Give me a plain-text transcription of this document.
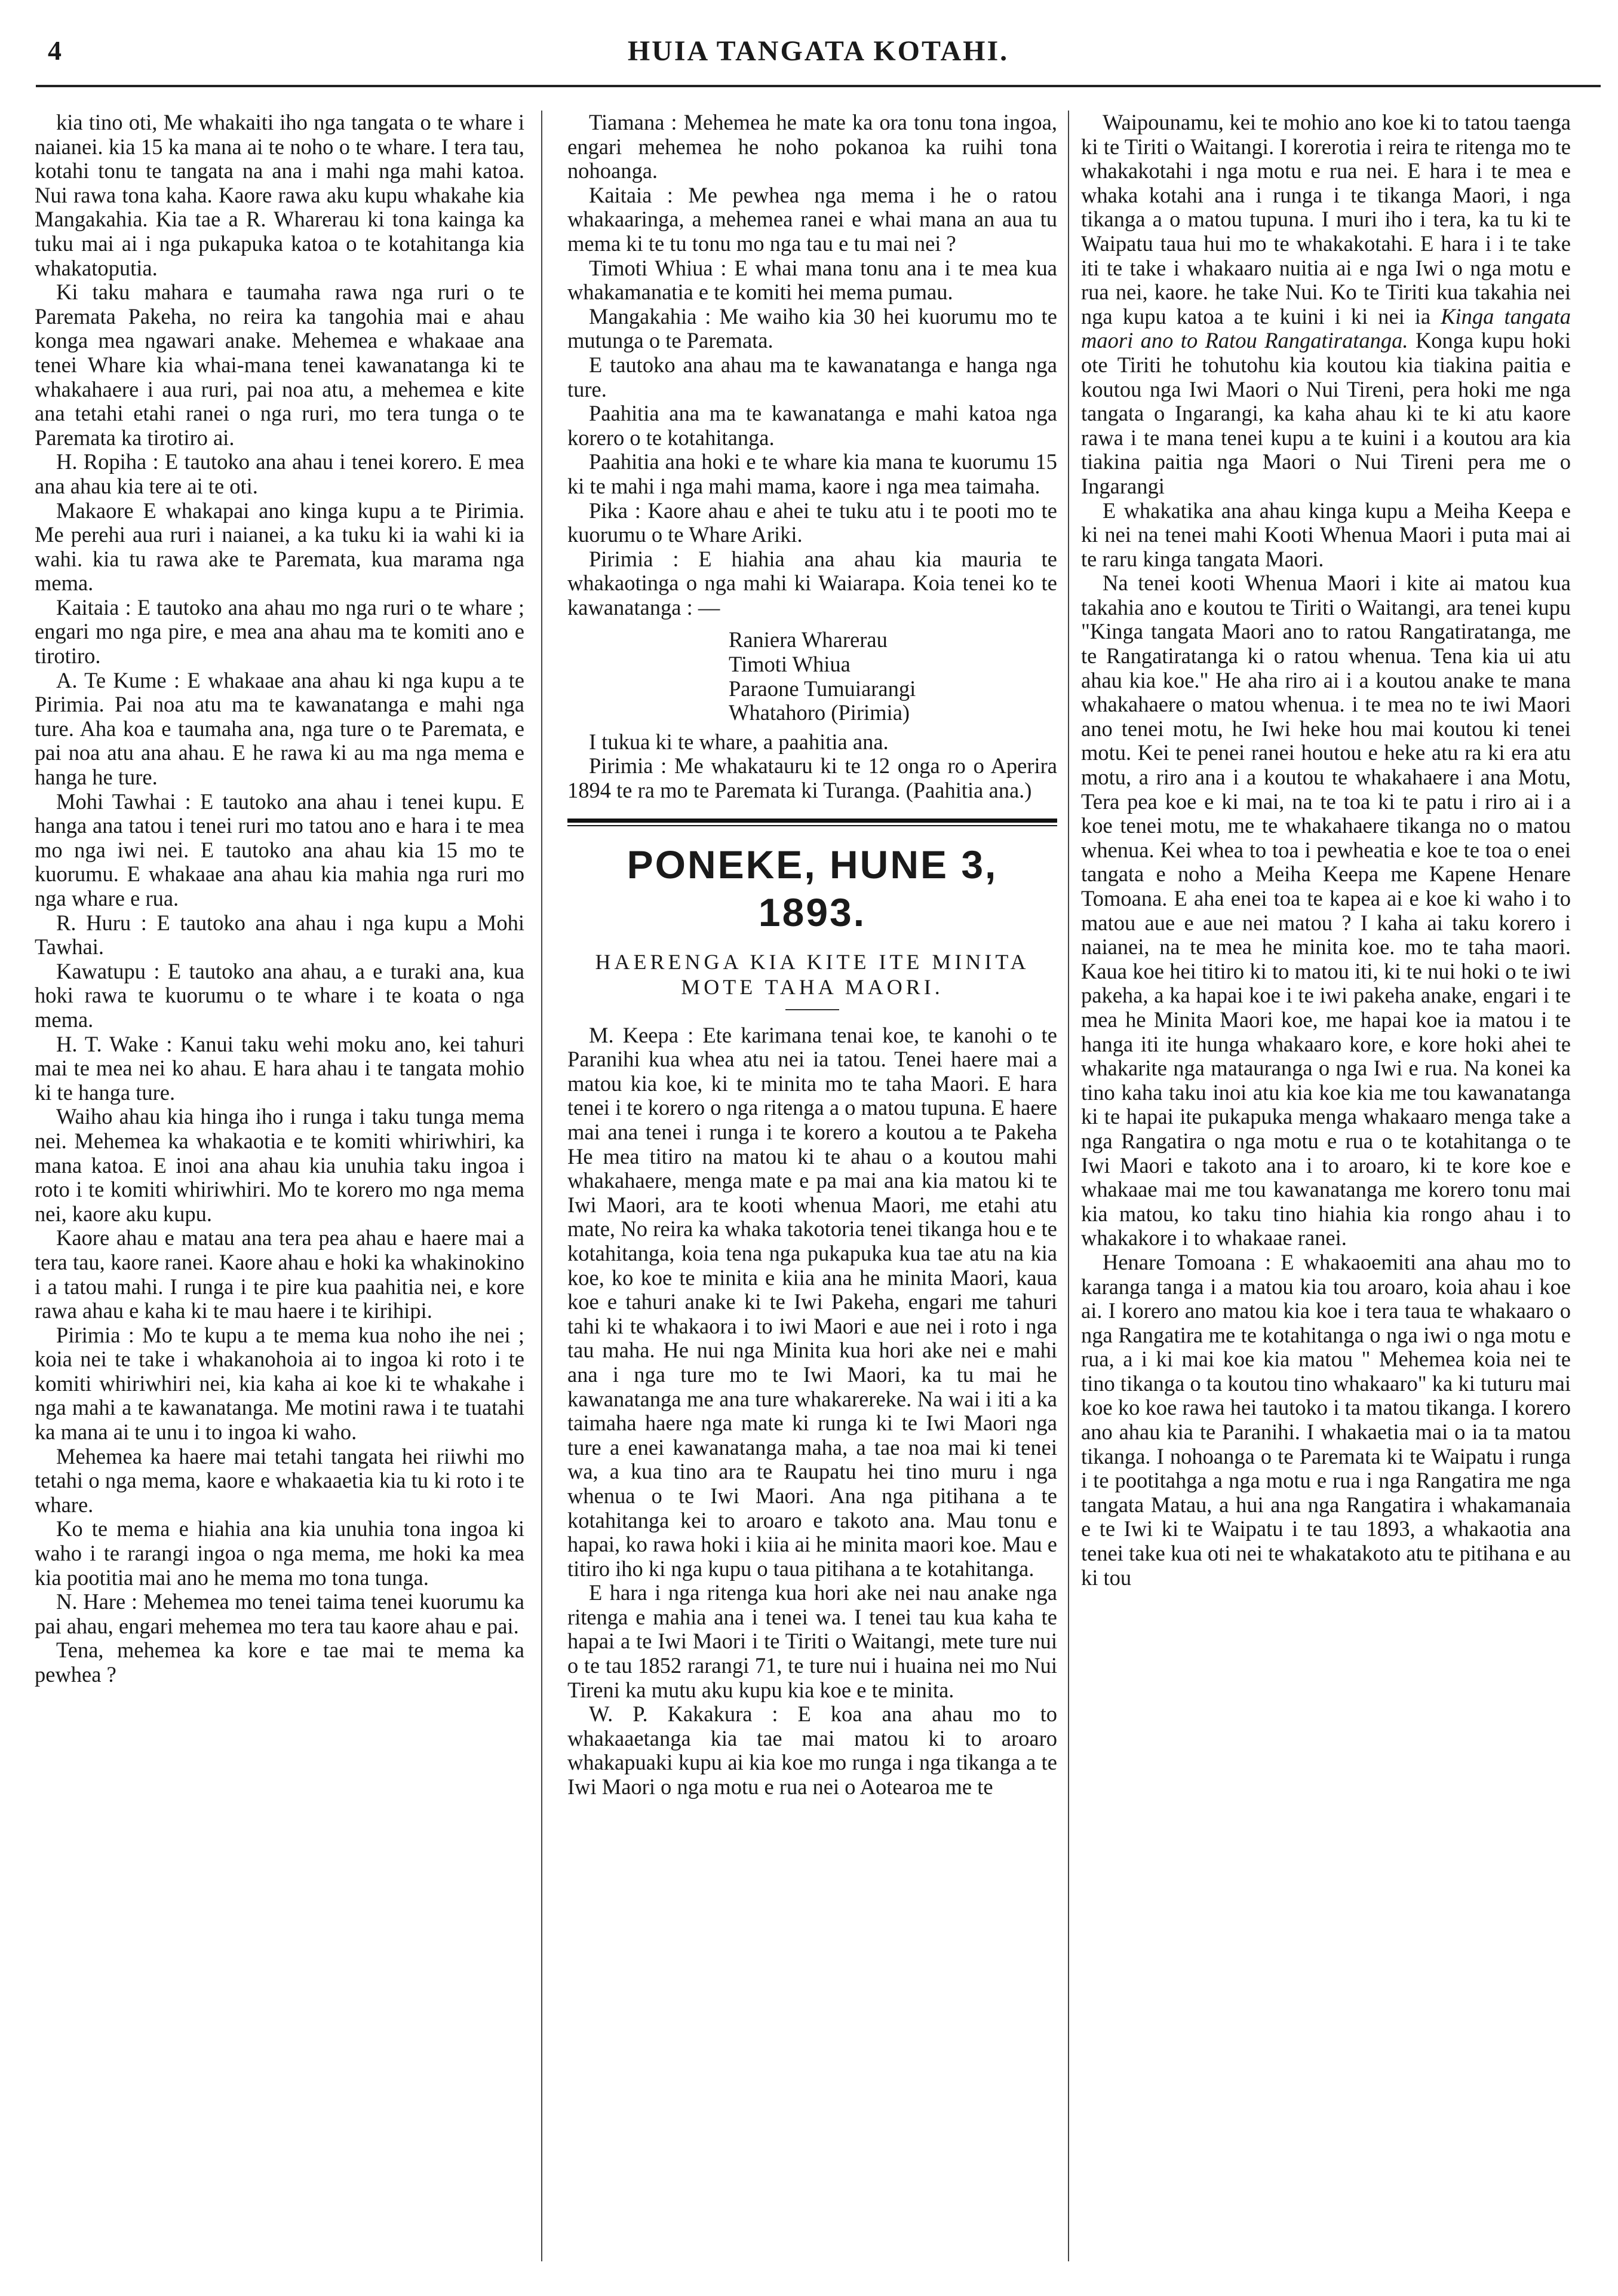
4	HUIA TANGATA KOTAHI.

kia tino oti, Me whakaiti iho nga tangata o te whare i naianei. kia 15 ka mana ai te noho o te whare. I tera tau, kotahi tonu te tangata na ana i mahi nga mahi katoa. Nui rawa tona kaha. Kaore rawa aku kupu whakahe kia Mangakahia. Kia tae a R. Wharerau ki tona kainga ka tuku mai ai i nga pukapuka katoa o te kotahitanga kia whakatoputia.

Ki taku mahara e taumaha rawa nga ruri o te Paremata Pakeha, no reira ka tangohia mai e ahau konga mea ngawari anake. Mehemea e whakaae ana tenei Whare kia whai-mana tenei kawanatanga ki te whakahaere i aua ruri, pai noa atu, a mehemea e kite ana tetahi etahi ranei o nga ruri, mo tera tunga o te Paremata ka tirotiro ai.

H. Ropiha : E tautoko ana ahau i tenei korero. E mea ana ahau kia tere ai te oti.

Makaore E whakapai ano kinga kupu a te Pirimia. Me perehi aua ruri i naianei, a ka tuku ki ia wahi ki ia wahi. kia tu rawa ake te Paremata, kua marama nga mema.

Kaitaia : E tautoko ana ahau mo nga ruri o te whare ; engari mo nga pire, e mea ana ahau ma te komiti ano e tirotiro.

A. Te Kume : E whakaae ana ahau ki nga kupu a te Pirimia. Pai noa atu ma te kawanatanga e mahi nga ture. Aha koa e taumaha ana, nga ture o te Paremata, e pai noa atu ana ahau. E he rawa ki au ma nga mema e hanga he ture.

Mohi Tawhai : E tautoko ana ahau i tenei kupu. E hanga ana tatou i tenei ruri mo tatou ano e hara i te mea mo nga iwi nei. E tautoko ana ahau kia 15 mo te kuorumu. E whakaae ana ahau kia mahia nga ruri mo nga whare e rua.

R. Huru : E tautoko ana ahau i nga kupu a Mohi Tawhai.

Kawatupu : E tautoko ana ahau, a e turaki ana, kua hoki rawa te kuorumu o te whare i te koata o nga mema.

H. T. Wake : Kanui taku wehi moku ano, kei tahuri mai te mea nei ko ahau. E hara ahau i te tangata mohio ki te hanga ture.

Waiho ahau kia hinga iho i runga i taku tunga mema nei. Mehemea ka whakaotia e te komiti whiriwhiri, ka mana katoa. E inoi ana ahau kia unuhia taku ingoa i roto i te komiti whiriwhiri. Mo te korero mo nga mema nei, kaore aku kupu.

Kaore ahau e matau ana tera pea ahau e haere mai a tera tau, kaore ranei. Kaore ahau e hoki ka whakinokino i a tatou mahi. I runga i te pire kua paahitia nei, e kore rawa ahau e kaha ki te mau haere i te kirihipi.

Pirimia : Mo te kupu a te mema kua noho ihe nei ; koia nei te take i whakanohoia ai to ingoa ki roto i te komiti whiriwhiri nei, kia kaha ai koe ki te whakahe i nga mahi a te kawanatanga. Me motini rawa i te tuatahi ka mana ai te unu i to ingoa ki waho.

Mehemea ka haere mai tetahi tangata hei riiwhi mo tetahi o nga mema, kaore e whakaaetia kia tu ki roto i te whare.

Ko te mema e hiahia ana kia unuhia tona ingoa ki waho i te rarangi ingoa o nga mema, me hoki ka mea kia pootitia mai ano he mema mo tona tunga.

N. Hare : Mehemea mo tenei taima tenei kuorumu ka pai ahau, engari mehemea mo tera tau kaore ahau e pai.

Tena, mehemea ka kore e tae mai te mema ka pewhea ?

Tiamana : Mehemea he mate ka ora tonu tona ingoa, engari mehemea he noho pokanoa ka ruihi tona nohoanga.

Kaitaia : Me pewhea nga mema i he o ratou whakaaringa, a mehemea ranei e whai mana an aua tu mema ki te tu tonu mo nga tau e tu mai nei ?

Timoti Whiua : E whai mana tonu ana i te mea kua whakamanatia e te komiti hei mema pumau.

Mangakahia : Me waiho kia 30 hei kuorumu mo te mutunga o te Paremata.

E tautoko ana ahau ma te kawanatanga e hanga nga ture.

Paahitia ana ma te kawanatanga e mahi katoa nga korero o te kotahitanga.

Paahitia ana hoki e te whare kia mana te kuorumu 15 ki te mahi i nga mahi mama, kaore i nga mea taimaha.

Pika : Kaore ahau e ahei te tuku atu i te pooti mo te kuorumu o te Whare Ariki.

Pirimia : E hiahia ana ahau kia mauria te whakaotinga o nga mahi ki Waiarapa. Koia tenei ko te kawanatanga : —

Raniera Wharerau

Timoti Whiua

Paraone Tumuiarangi

Whatahoro (Pirimia)

I tukua ki te whare, a paahitia ana.

Pirimia : Me whakatauru ki te 12 onga ro o Aperira 1894 te ra mo te Paremata ki Turanga. (Paahitia ana.)

PONEKE, HUNE 3, 1893.
HAERENGA KIA KITE ITE MINITA MOTE TAHA MAORI.

M. Keepa : Ete karimana tenai koe, te kanohi o te Paranihi kua whea atu nei ia tatou. Tenei haere mai a matou kia koe, ki te minita mo te taha Maori. E hara tenei i te korero o nga ritenga a o matou tupuna. E haere mai ana tenei i runga i te korero a koutou a te Pakeha He mea titiro na matou ki te ahau o a koutou mahi whakahaere, menga mate e pa mai ana kia matou ki te Iwi Maori, ara te kooti whenua Maori, me etahi atu mate, No reira ka whaka takotoria tenei tikanga hou e te kotahitanga, koia tena nga pukapuka kua tae atu na kia koe, ko koe te minita e kiia ana he minita Maori, kaua koe e tahuri anake ki te Iwi Pakeha, engari me tahuri tahi ki te whakaora i to iwi Maori e aue nei i roto i nga tau maha. He nui nga Minita kua hori ake nei e mahi ana i nga ture mo te Iwi Maori, ka tu mai he kawanatanga me ana ture whakarereke. Na wai i iti a ka taimaha haere nga mate ki runga ki te Iwi Maori nga ture a enei kawanatanga maha, a tae noa mai ki tenei wa, a kua tino ara te Raupatu hei tino muru i nga whenua o te Iwi Maori. Ana nga pitihana a te kotahitanga kei to aroaro e takoto ana. Mau tonu e hapai, ko rawa hoki i kiia ai he minita maori koe. Mau e titiro iho ki nga kupu o taua pitihana a te kotahitanga.

E hara i nga ritenga kua hori ake nei nau anake nga ritenga e mahia ana i tenei wa. I tenei tau kua kaha te hapai a te Iwi Maori i te Tiriti o Waitangi, mete ture nui o te tau 1852 rarangi 71, te ture nui i huaina nei mo Nui Tireni ka mutu aku kupu kia koe e te minita.

W. P. Kakakura : E koa ana ahau mo to whakaaetanga kia tae mai matou ki to aroaro whakapuaki kupu ai kia koe mo runga i nga tikanga a te Iwi Maori o nga motu e rua nei o Aotearoa me te

Waipounamu, kei te mohio ano koe ki to tatou taenga ki te Tiriti o Waitangi. I korerotia i reira te ritenga mo te whakakotahi i nga motu e rua nei. E hara i te mea e whaka kotahi ana i runga i te tikanga Maori, i nga tikanga a o matou tupuna. I muri iho i tera, ka tu ki te Waipatu taua hui mo te whakakotahi. E hara i i te take iti te take i whakaaro nuitia ai e nga Iwi o nga motu e rua nei, kaore. he take Nui. Ko te Tiriti kua takahia nei nga kupu katoa a te kuini i ki nei ia Kinga tangata maori ano to Ratou Rangatiratanga. Konga kupu hoki ote Tiriti he tohutohu kia koutou kia tiakina paitia e koutou nga Iwi Maori o Nui Tireni, pera hoki me nga tangata o Ingarangi, ka kaha ahau ki te ki atu kaore rawa i te mana tenei kupu a te kuini i a koutou ara kia tiakina paitia nga Maori o Nui Tireni pera me o Ingarangi

E whakatika ana ahau kinga kupu a Meiha Keepa e ki nei na tenei mahi Kooti Whenua Maori i puta mai ai te raru kinga tangata Maori.

Na tenei kooti Whenua Maori i kite ai matou kua takahia ano e koutou te Tiriti o Waitangi, ara tenei kupu "Kinga tangata Maori ano to ratou Rangatiratanga, me te Rangatiratanga ki o ratou whenua. Tena kia ui atu ahau kia koe." He aha riro ai i a koutou anake te mana whakahaere o matou whenua. i te mea no te iwi Maori ano tenei motu, he Iwi heke hou mai koutou ki tenei motu. Kei te penei ranei houtou e heke atu ra ki era atu motu, a riro ana i a koutou te whakahaere i ana Motu, Tera pea koe e ki mai, na te toa ki te patu i riro ai i a koe tenei motu, me te whakahaere tikanga no o matou whenua. Kei whea to toa i pewheatia e koe te toa o enei tangata e noho a Meiha Keepa me Kapene Henare Tomoana. E aha enei toa te kapea ai e koe ki waho i to matou aue e aue nei matou ? I kaha ai taku korero i naianei, na te mea he minita koe. mo te taha maori. Kaua koe hei titiro ki to matou iti, ki te nui hoki o te iwi pakeha, a ka hapai koe i te iwi pakeha anake, engari i te mea he Minita Maori koe, me hapai koe ia matou i te hanga iti ite hunga whakaaro kore, e kore hoki ahei te whakarite nga matauranga o nga Iwi e rua. Na konei ka tino kaha taku inoi atu kia koe kia me tou kawanatanga ki te hapai ite pukapuka menga whakaaro menga take a nga Rangatira o nga motu e rua o te kotahitanga o te Iwi Maori e takoto ana i to aroaro, ki te kore koe e whakaae mai me tou kawanatanga me korero tonu mai kia matou, ko taku tino hiahia kia rongo ahau i to whakakore i to whakaae ranei.

Henare Tomoana : E whakaoemiti ana ahau mo to karanga tanga i a matou kia tou aroaro, koia ahau i koe ai. I korero ano matou kia koe i tera taua te whakaaro o nga Rangatira me te kotahitanga o nga iwi o nga motu e rua, a i ki mai koe kia matou " Mehemea koia nei te tino tikanga o ta koutou tino whakaaro" ka ki tuturu mai koe ko koe rawa hei tautoko i ta matou tikanga. I korero ano ahau kia te Paranihi. I whakaetia mai o ia ta matou tikanga. I nohoanga o te Paremata ki te Waipatu i runga i te pootitahga a nga motu e rua i nga Rangatira me nga tangata Matau, a hui ana nga Rangatira i whakamanaia e te Iwi ki te Waipatu i te tau 1893, a whakaotia ana tenei take kua oti nei te whakatakoto atu te pitihana e au ki tou
